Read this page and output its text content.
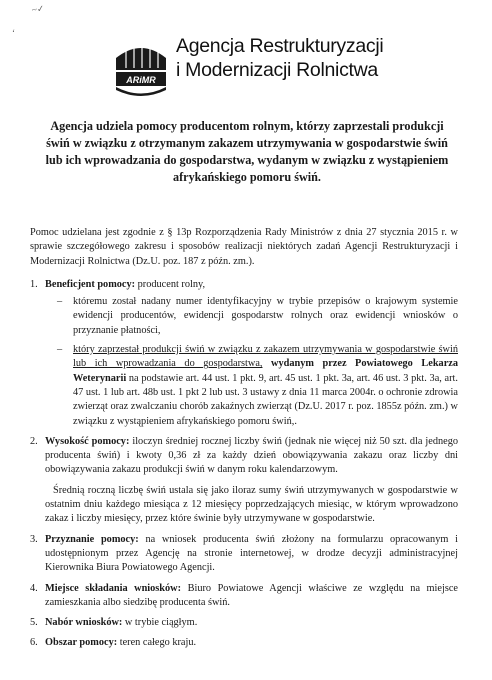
~✓
ʻ
ARiMR
Agencja Restrukturyzacji
i Modernizacji Rolnictwa
Agencja udziela pomocy producentom rolnym, którzy zaprzestali produkcji świń w związku z otrzymanym zakazem utrzymywania w gospodarstwie świń lub ich wprowadzania do gospodarstwa, wydanym w związku z wystąpieniem afrykańskiego pomoru świń.

Pomoc udzielana jest zgodnie z § 13p Rozporządzenia Rady Ministrów z dnia 27 stycznia 2015 r. w sprawie szczegółowego zakresu i sposobów realizacji niektórych zadań Agencji Restrukturyzacji i Modernizacji Rolnictwa (Dz.U. poz. 187 z późn. zm.).

1. Beneficjent pomocy: producent rolny,
– któremu został nadany numer identyfikacyjny w trybie przepisów o krajowym systemie ewidencji producentów, ewidencji gospodarstw rolnych oraz ewidencji wniosków o przyznanie płatności,
– który zaprzestał produkcji świń w związku z zakazem utrzymywania w gospodarstwie świń lub ich wprowadzania do gospodarstwa, wydanym przez Powiatowego Lekarza Weterynarii na podstawie art. 44 ust. 1 pkt. 9, art. 45 ust. 1 pkt. 3a, art. 46 ust. 3 pkt. 3a, art. 47 ust. 1 lub art. 48b ust. 1 pkt 2 lub ust. 3 ustawy z dnia 11 marca 2004r. o ochronie zdrowia zwierząt oraz zwalczaniu chorób zakaźnych zwierząt (Dz.U. 2017 r. poz. 1855z późn. zm.) w związku z wystąpieniem afrykańskiego pomoru świń,.
2. Wysokość pomocy: iloczyn średniej rocznej liczby świń (jednak nie więcej niż 50 szt. dla jednego producenta świń) i kwoty 0,36 zł za każdy dzień obowiązywania zakazu oraz liczby dni obowiązywania zakazu produkcji świń w danym roku kalendarzowym.

Średnią roczną liczbę świń ustala się jako iloraz sumy świń utrzymywanych w gospodarstwie w ostatnim dniu każdego miesiąca z 12 miesięcy poprzedzających miesiąc, w którym wprowadzono zakaz i liczby miesięcy, przez które świnie były utrzymywane w gospodarstwie.

3. Przyznanie pomocy: na wniosek producenta świń złożony na formularzu opracowanym i udostępnionym przez Agencję na stronie internetowej, w drodze decyzji administracyjnej Kierownika Biura Powiatowego Agencji.
4. Miejsce składania wniosków: Biuro Powiatowe Agencji właściwe ze względu na miejsce zamieszkania albo siedzibę producenta świń.
5. Nabór wniosków: w trybie ciągłym.
6. Obszar pomocy: teren całego kraju.
